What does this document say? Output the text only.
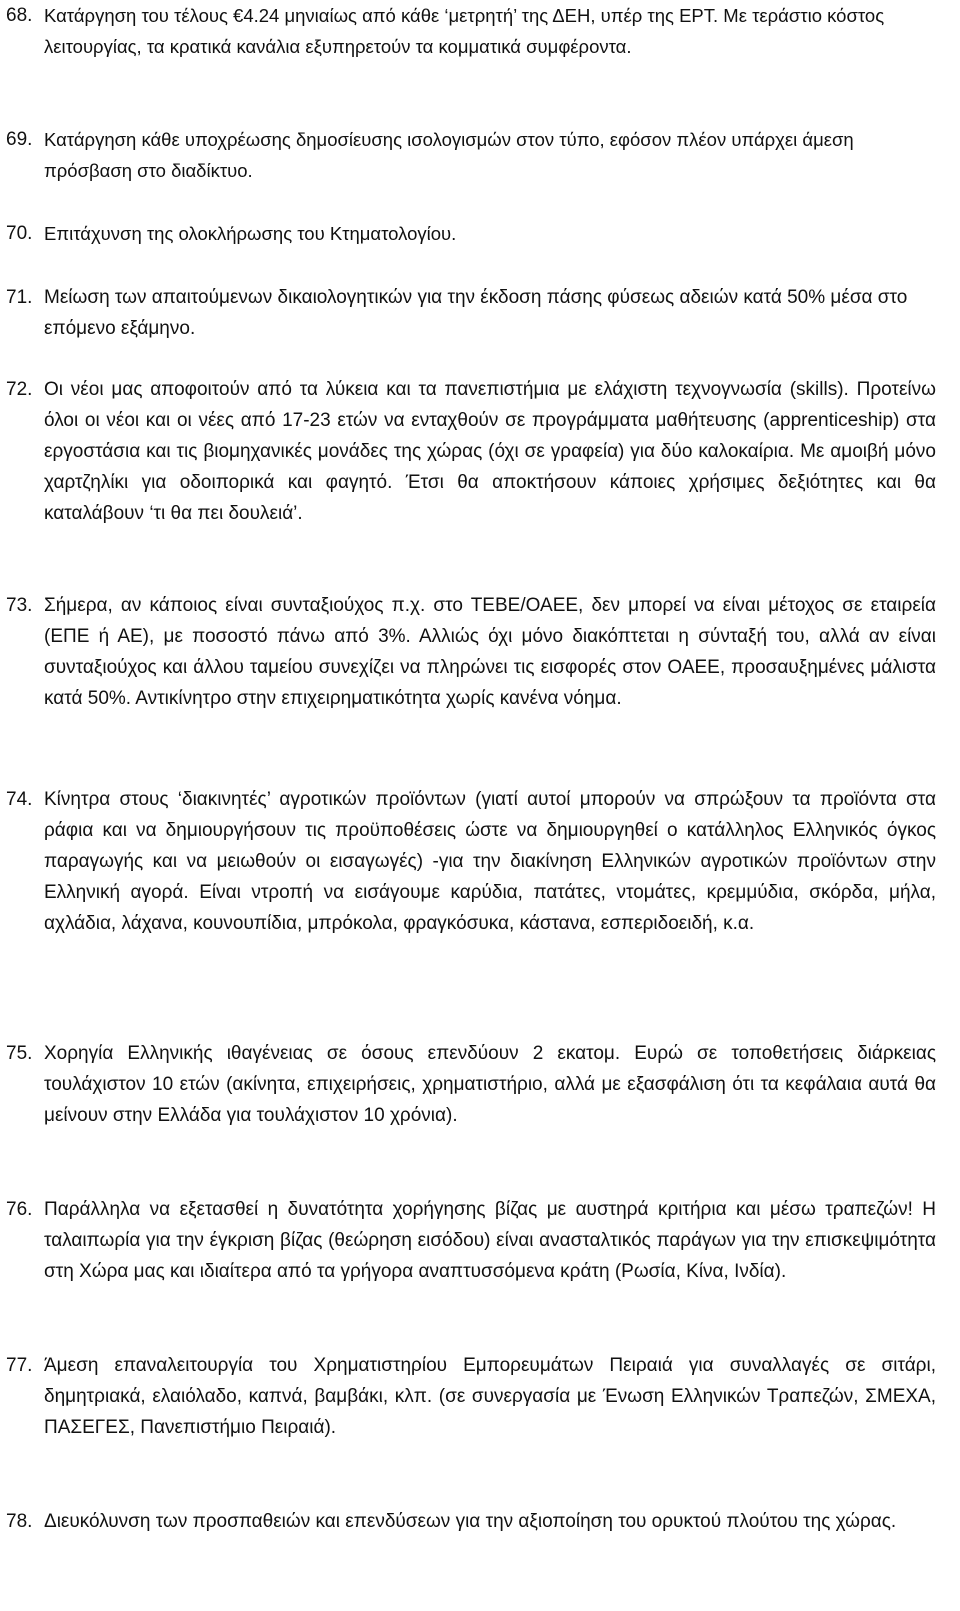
68. Κατάργηση του τέλους €4.24 μηνιαίως από κάθε ‘μετρητή’ της ΔΕΗ, υπέρ της ΕΡΤ. Με τεράστιο κόστος λειτουργίας, τα κρατικά κανάλια εξυπηρετούν τα κομματικά συμφέροντα.
69. Κατάργηση κάθε υποχρέωσης δημοσίευσης ισολογισμών στον τύπο, εφόσον πλέον υπάρχει άμεση πρόσβαση στο διαδίκτυο.
70. Επιτάχυνση της ολοκλήρωσης του Κτηματολογίου.
71. Μείωση των απαιτούμενων δικαιολογητικών για την έκδοση πάσης φύσεως αδειών κατά 50% μέσα στο επόμενο εξάμηνο.
72. Οι νέοι μας αποφοιτούν από τα λύκεια και τα πανεπιστήμια με ελάχιστη τεχνογνωσία (skills). Προτείνω όλοι οι νέοι και οι νέες από 17-23 ετών να ενταχθούν σε προγράμματα μαθήτευσης (apprenticeship) στα εργοστάσια και τις βιομηχανικές μονάδες της χώρας (όχι σε γραφεία) για δύο καλοκαίρια. Με αμοιβή μόνο χαρτζηλίκι για οδοιπορικά και φαγητό. Έτσι θα αποκτήσουν κάποιες χρήσιμες δεξιότητες και θα καταλάβουν ‘τι θα πει δουλειά’.
73. Σήμερα, αν κάποιος είναι συνταξιούχος π.χ. στο ΤΕΒΕ/ΟΑΕΕ, δεν μπορεί να είναι μέτοχος σε εταιρεία (ΕΠΕ ή ΑΕ), με ποσοστό πάνω από 3%. Αλλιώς όχι μόνο διακόπτεται η σύνταξή του, αλλά αν είναι συνταξιούχος και άλλου ταμείου συνεχίζει να πληρώνει τις εισφορές στον ΟΑΕΕ, προσαυξημένες μάλιστα κατά 50%. Αντικίνητρο στην επιχειρηματικότητα χωρίς κανένα νόημα.
74. Κίνητρα στους ‘διακινητές’ αγροτικών προϊόντων (γιατί αυτοί μπορούν να σπρώξουν τα προϊόντα στα ράφια και να δημιουργήσουν τις προϋποθέσεις ώστε να δημιουργηθεί ο κατάλληλος Ελληνικός όγκος παραγωγής και να μειωθούν οι εισαγωγές) -για την διακίνηση Ελληνικών αγροτικών προϊόντων στην Ελληνική αγορά. Είναι ντροπή να εισάγουμε καρύδια, πατάτες, ντομάτες, κρεμμύδια, σκόρδα, μήλα, αχλάδια, λάχανα, κουνουπίδια, μπρόκολα, φραγκόσυκα, κάστανα, εσπεριδοειδή, κ.α.
75. Χορηγία Ελληνικής ιθαγένειας σε όσους επενδύουν 2 εκατομ. Ευρώ σε τοποθετήσεις διάρκειας τουλάχιστον 10 ετών (ακίνητα, επιχειρήσεις, χρηματιστήριο, αλλά με εξασφάλιση ότι τα κεφάλαια αυτά θα μείνουν στην Ελλάδα για τουλάχιστον 10 χρόνια).
76. Παράλληλα να εξετασθεί η δυνατότητα χορήγησης βίζας με αυστηρά κριτήρια και μέσω τραπεζών! Η ταλαιπωρία για την έγκριση βίζας (θεώρηση εισόδου) είναι ανασταλτικός παράγων για την επισκεψιμότητα στη Χώρα μας και ιδιαίτερα από τα γρήγορα αναπτυσσόμενα κράτη (Ρωσία, Κίνα, Ινδία).
77. Άμεση επαναλειτουργία του Χρηματιστηρίου Εμπορευμάτων Πειραιά για συναλλαγές σε σιτάρι, δημητριακά, ελαιόλαδο, καπνά, βαμβάκι, κλπ. (σε συνεργασία με Ένωση Ελληνικών Τραπεζών, ΣΜΕΧΑ, ΠΑΣΕΓΕΣ, Πανεπιστήμιο Πειραιά).
78. Διευκόλυνση των προσπαθειών και επενδύσεων για την αξιοποίηση του ορυκτού πλούτου της χώρας.
